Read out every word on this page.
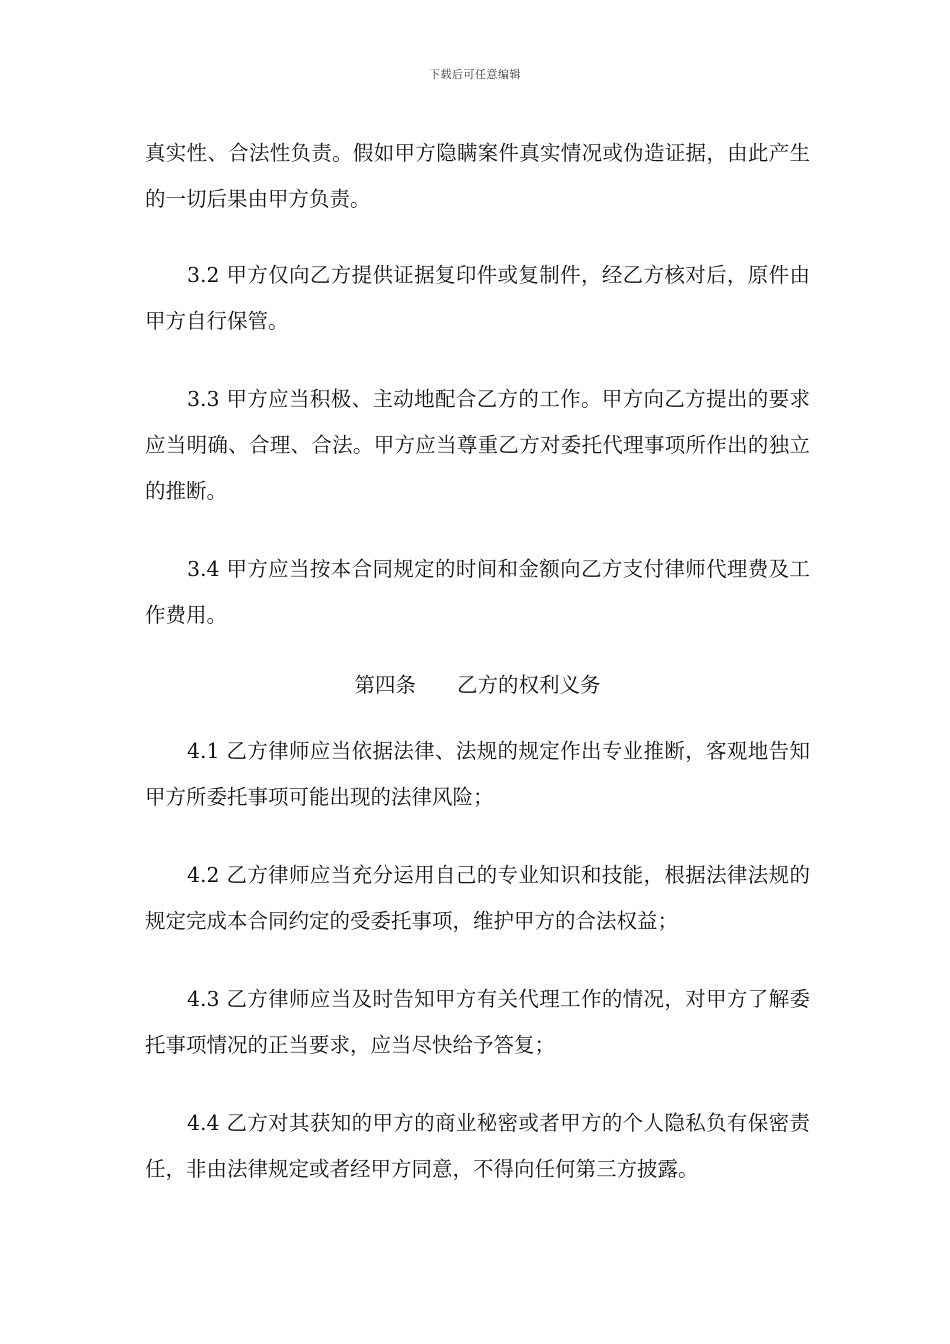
下载后可任意编辑

真实性、合法性负责。假如甲方隐瞒案件真实情况或伪造证据，由此产生的一切后果由甲方负责。

3.2 甲方仅向乙方提供证据复印件或复制件，经乙方核对后，原件由甲方自行保管。

3.3 甲方应当积极、主动地配合乙方的工作。甲方向乙方提出的要求应当明确、合理、合法。甲方应当尊重乙方对委托代理事项所作出的独立的推断。

3.4 甲方应当按本合同规定的时间和金额向乙方支付律师代理费及工作费用。

第四条　　乙方的权利义务

4.1 乙方律师应当依据法律、法规的规定作出专业推断，客观地告知甲方所委托事项可能出现的法律风险；

4.2 乙方律师应当充分运用自己的专业知识和技能，根据法律法规的规定完成本合同约定的受委托事项，维护甲方的合法权益；

4.3 乙方律师应当及时告知甲方有关代理工作的情况，对甲方了解委托事项情况的正当要求，应当尽快给予答复；

4.4 乙方对其获知的甲方的商业秘密或者甲方的个人隐私负有保密责任，非由法律规定或者经甲方同意，不得向任何第三方披露。
